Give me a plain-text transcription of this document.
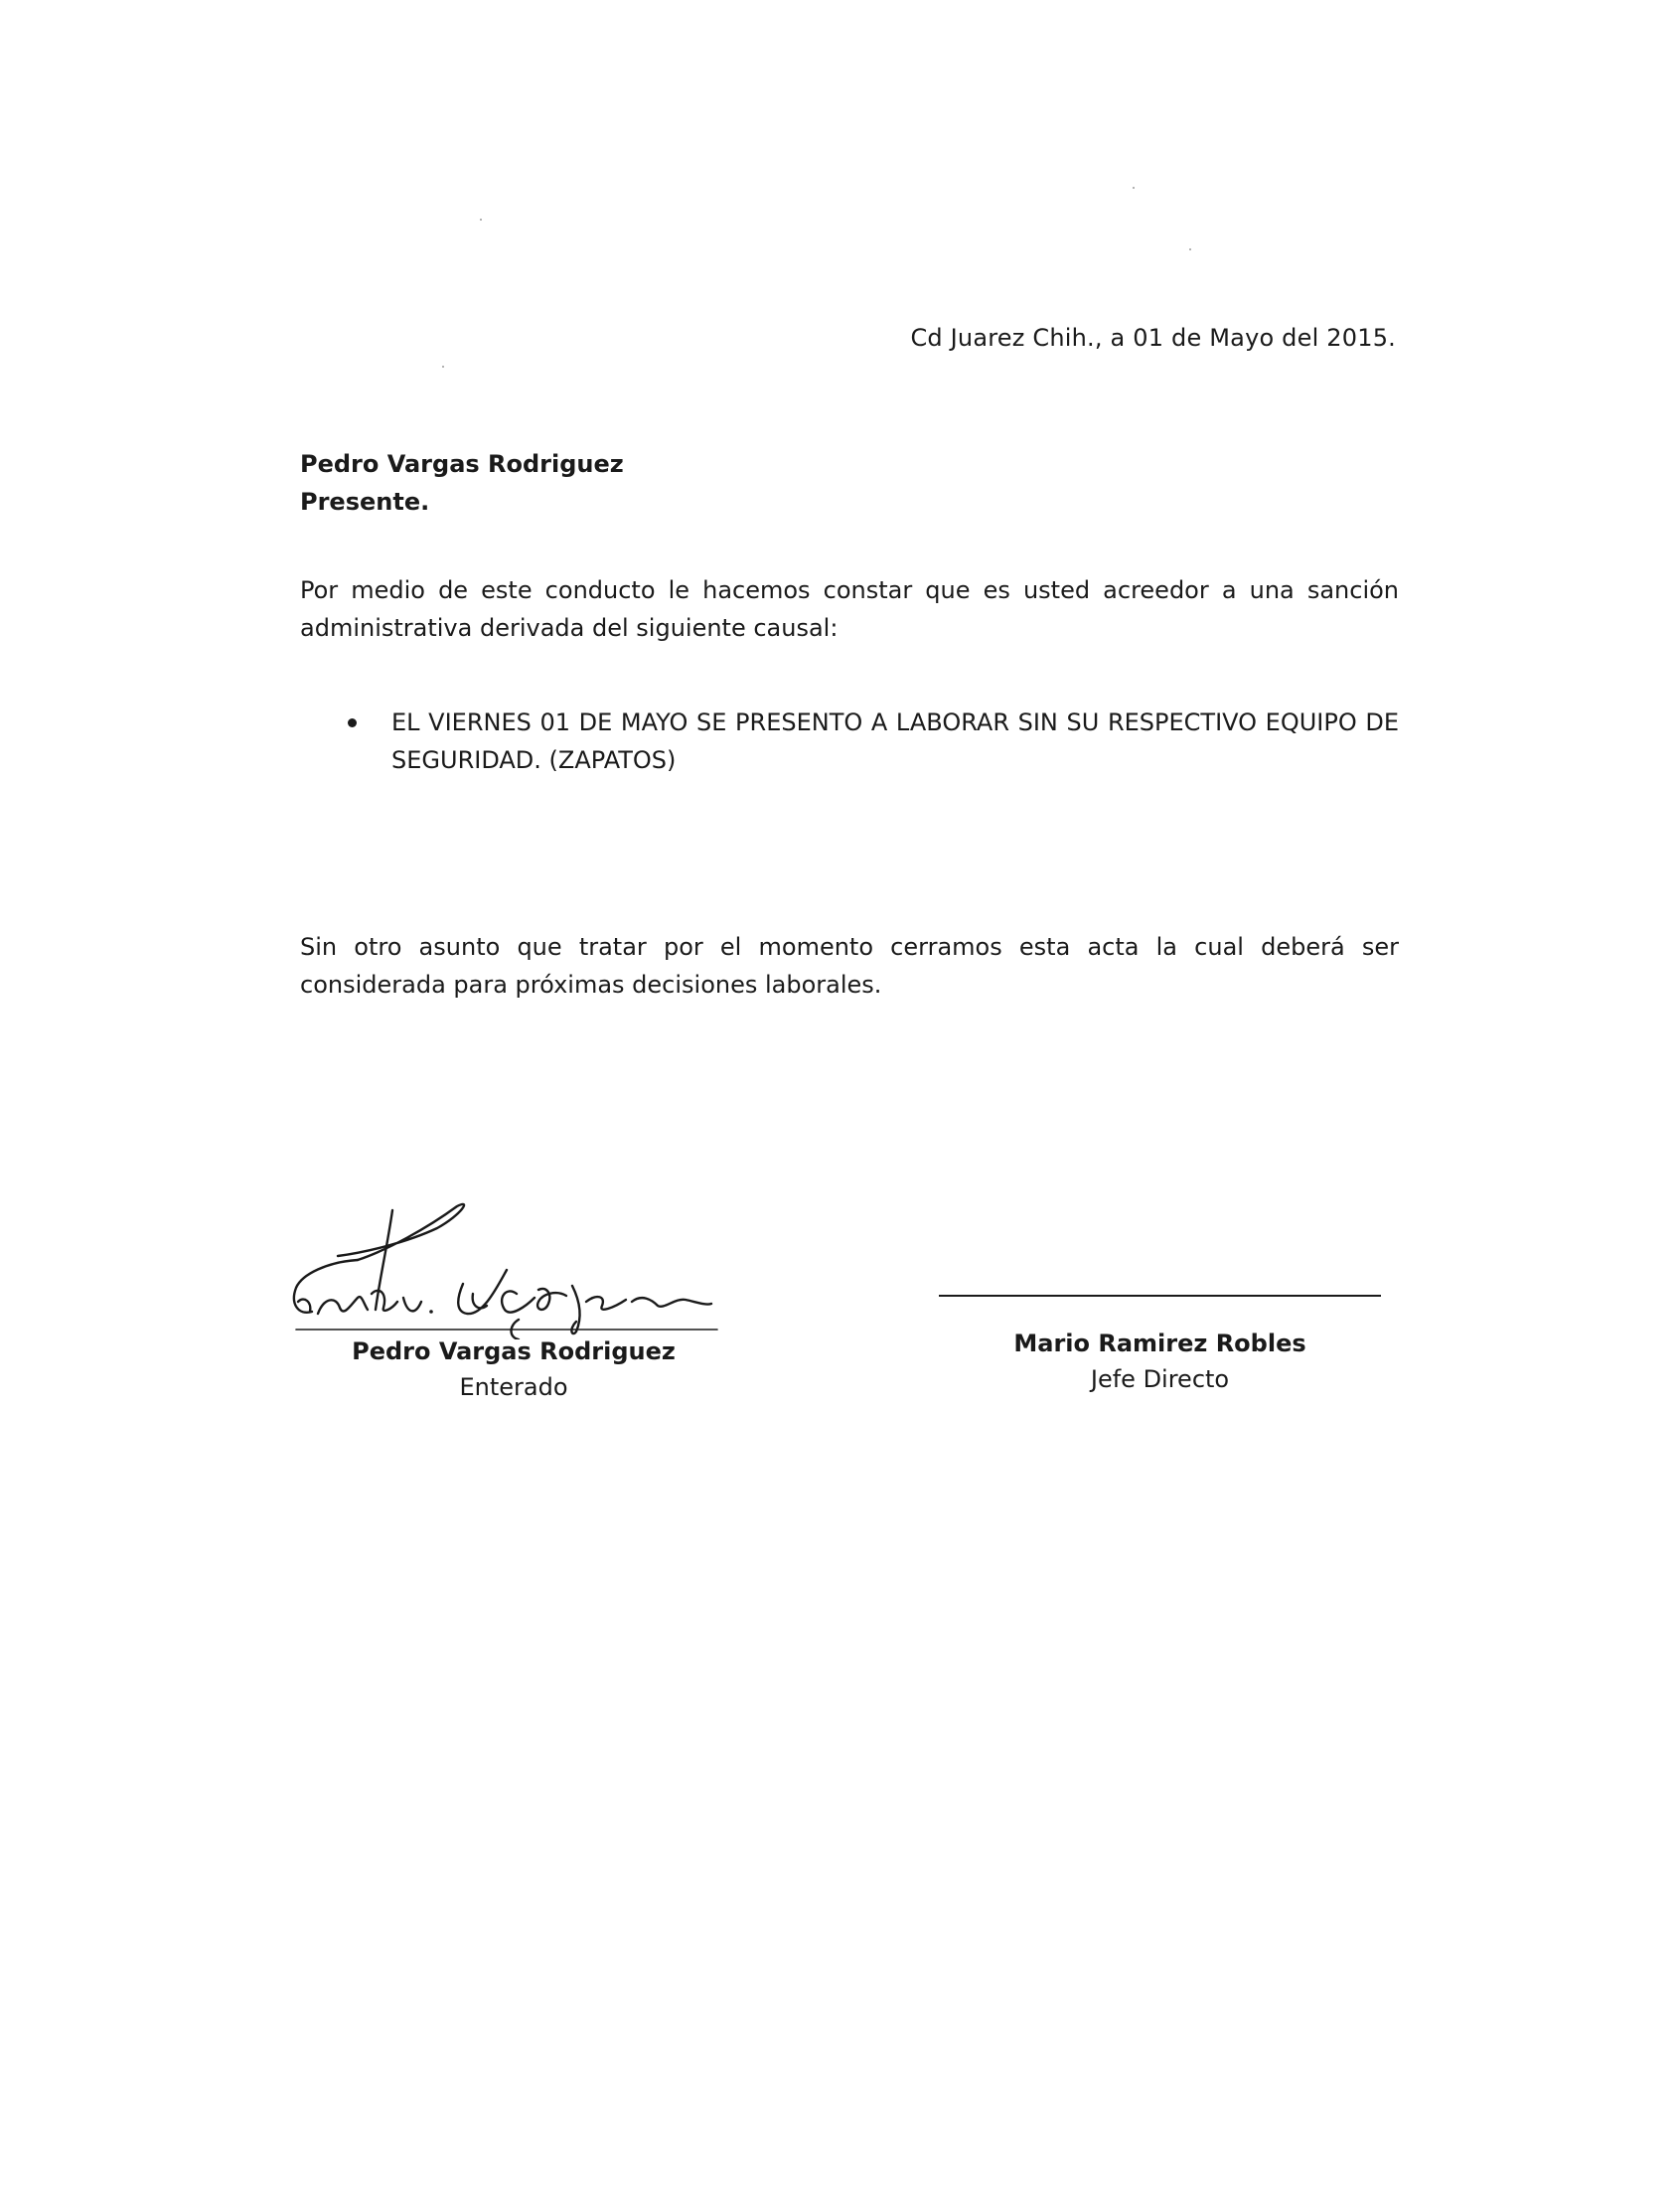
Cd Juarez Chih., a 01 de Mayo del 2015.
Pedro Vargas Rodriguez
Presente.
Por medio de este conducto le hacemos constar que es usted acreedor a una sanción administrativa derivada del siguiente causal:
EL VIERNES 01 DE MAYO SE PRESENTO A LABORAR SIN SU RESPECTIVO EQUIPO DE SEGURIDAD. (ZAPATOS)
Sin otro asunto que tratar por el momento cerramos esta acta la cual deberá ser considerada para próximas decisiones laborales.
Pedro Vargas Rodriguez
Enterado
Mario Ramirez Robles
Jefe Directo
